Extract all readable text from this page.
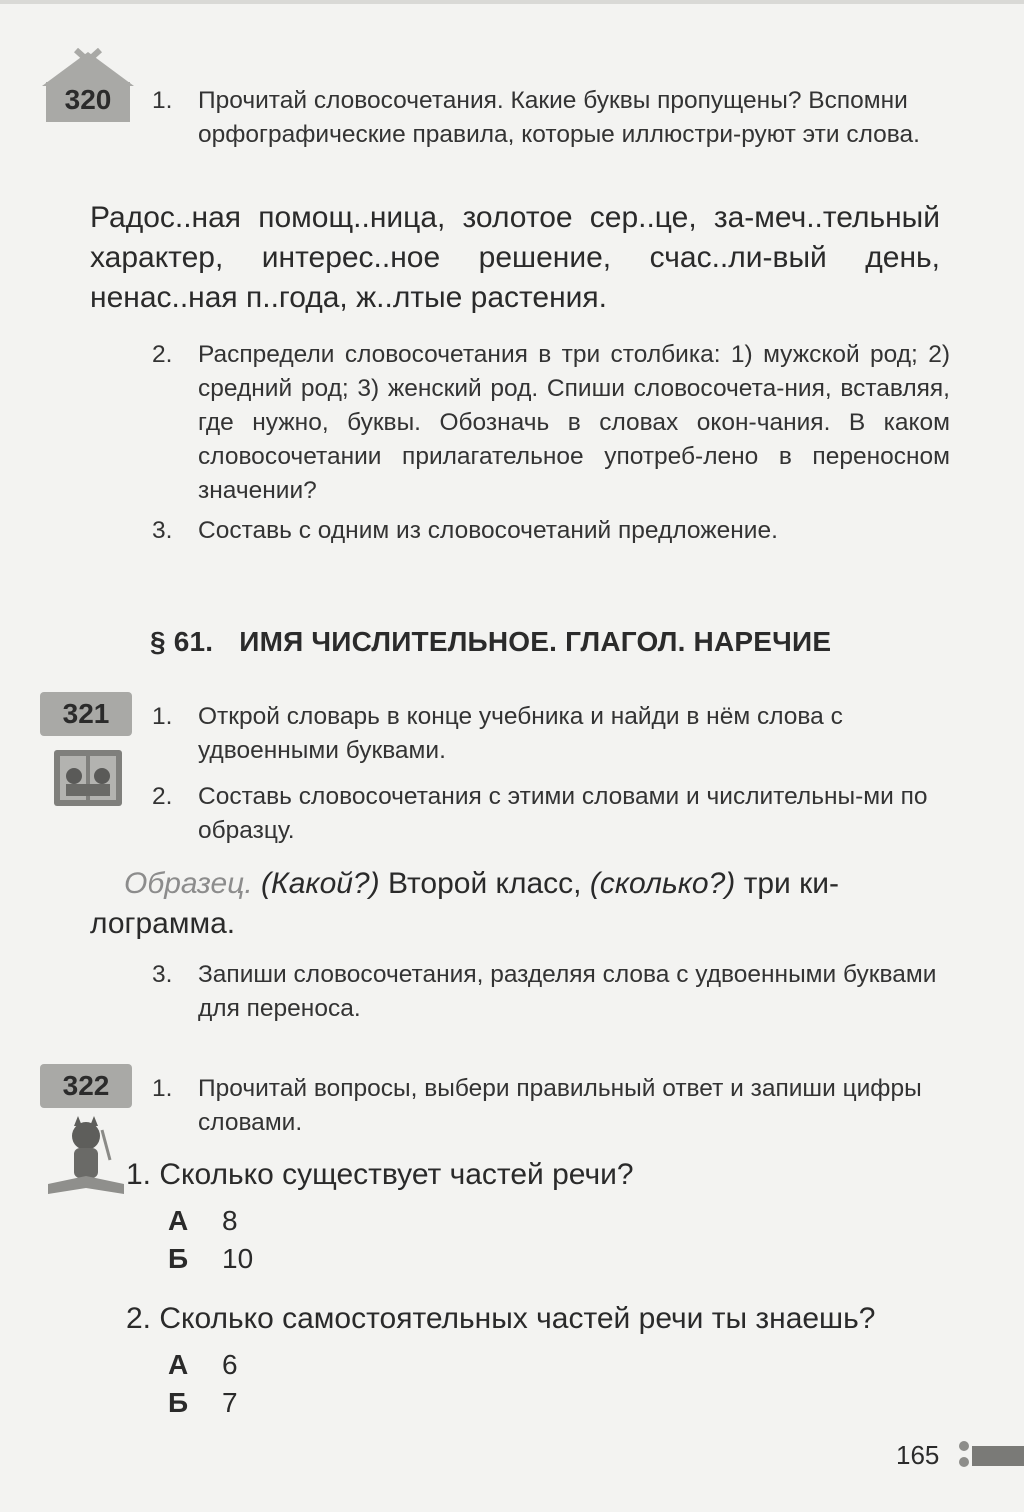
320	1. Прочитай словосочетания. Какие буквы пропущены? Вспомни орфографические правила, которые иллюстри-руют эти слова.
Радос..ная помощ..ница, золотое сер..це, за-меч..тельный характер, интерес..ное решение, счас..ли-вый день, ненас..ная п..года, ж..лтые растения.
2. Распредели словосочетания в три столбика: 1) мужской род; 2) средний род; 3) женский род. Спиши словосочета-ния, вставляя, где нужно, буквы. Обозначь в словах окон-чания. В каком словосочетании прилагательное употреб-лено в переносном значении?
3. Составь с одним из словосочетаний предложение.
§ 61. ИМЯ ЧИСЛИТЕЛЬНОЕ. ГЛАГОЛ. НАРЕЧИЕ
321	1. Открой словарь в конце учебника и найди в нём слова с удвоенными буквами.
2. Составь словосочетания с этими словами и числительны-ми по образцу.
Образец. (Какой?) Второй класс, (сколько?) три ки-лограмма.
3. Запиши словосочетания, разделяя слова с удвоенными буквами для переноса.
322	1. Прочитай вопросы, выбери правильный ответ и запиши цифры словами.
1. Сколько существует частей речи?
А 8
Б 10
2. Сколько самостоятельных частей речи ты знаешь?
А 6
Б 7
165
